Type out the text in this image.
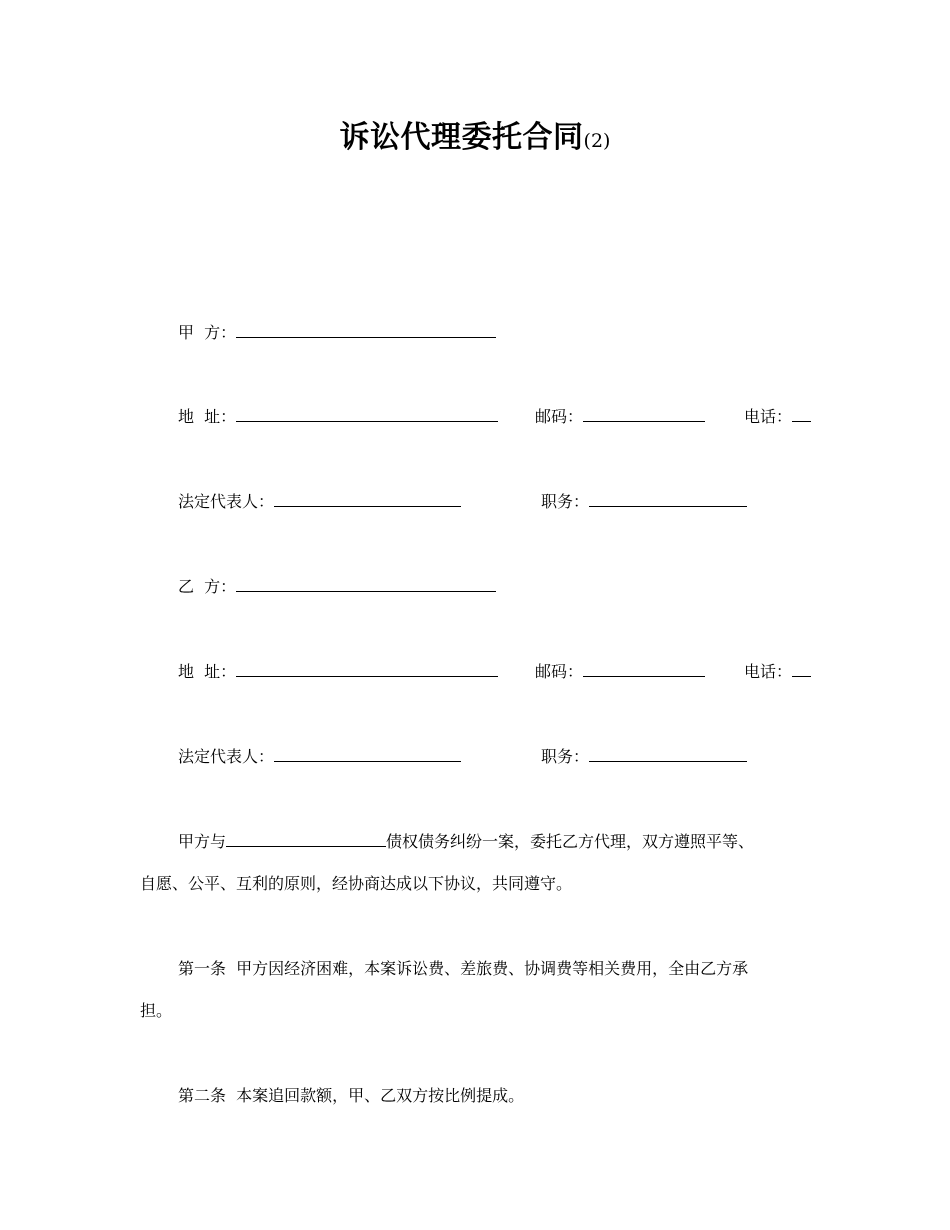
诉讼代理委托合同(2)
甲  方：
地  址：	邮码：	电话：
法定代表人：	职务：
乙  方：
地  址：	邮码：	电话：
法定代表人：	职务：
甲方与	债权债务纠纷一案，委托乙方代理，双方遵照平等、
自愿、公平、互利的原则，经协商达成以下协议，共同遵守。
第一条  甲方因经济困难，本案诉讼费、差旅费、协调费等相关费用，全由乙方承
担。
第二条  本案追回款额，甲、乙双方按比例提成。
